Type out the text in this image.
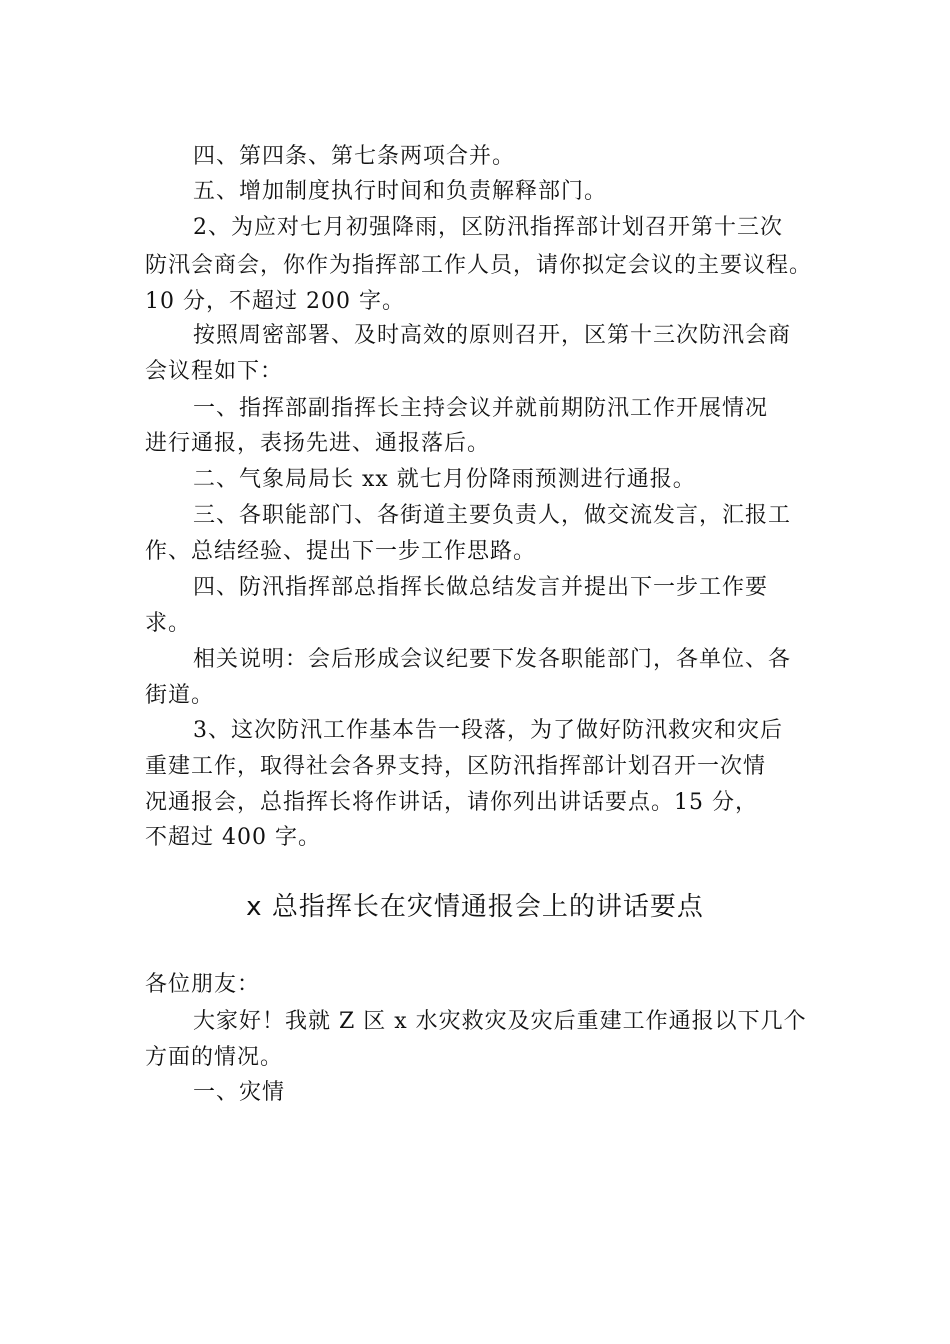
四、第四条、第七条两项合并。
五、增加制度执行时间和负责解释部门。
2、为应对七月初强降雨，区防汛指挥部计划召开第十三次
防汛会商会，你作为指挥部工作人员，请你拟定会议的主要议程。
10 分，不超过 200 字。
按照周密部署、及时高效的原则召开，区第十三次防汛会商
会议程如下：
一、指挥部副指挥长主持会议并就前期防汛工作开展情况
进行通报，表扬先进、通报落后。
二、气象局局长 xx 就七月份降雨预测进行通报。
三、各职能部门、各街道主要负责人，做交流发言，汇报工
作、总结经验、提出下一步工作思路。
四、防汛指挥部总指挥长做总结发言并提出下一步工作要
求。
相关说明：会后形成会议纪要下发各职能部门，各单位、各
街道。
3、这次防汛工作基本告一段落，为了做好防汛救灾和灾后
重建工作，取得社会各界支持，区防汛指挥部计划召开一次情
况通报会，总指挥长将作讲话，请你列出讲话要点。15 分，
不超过 400 字。
x 总指挥长在灾情通报会上的讲话要点
各位朋友：
大家好！我就 Z 区 x 水灾救灾及灾后重建工作通报以下几个
方面的情况。
一、灾情
